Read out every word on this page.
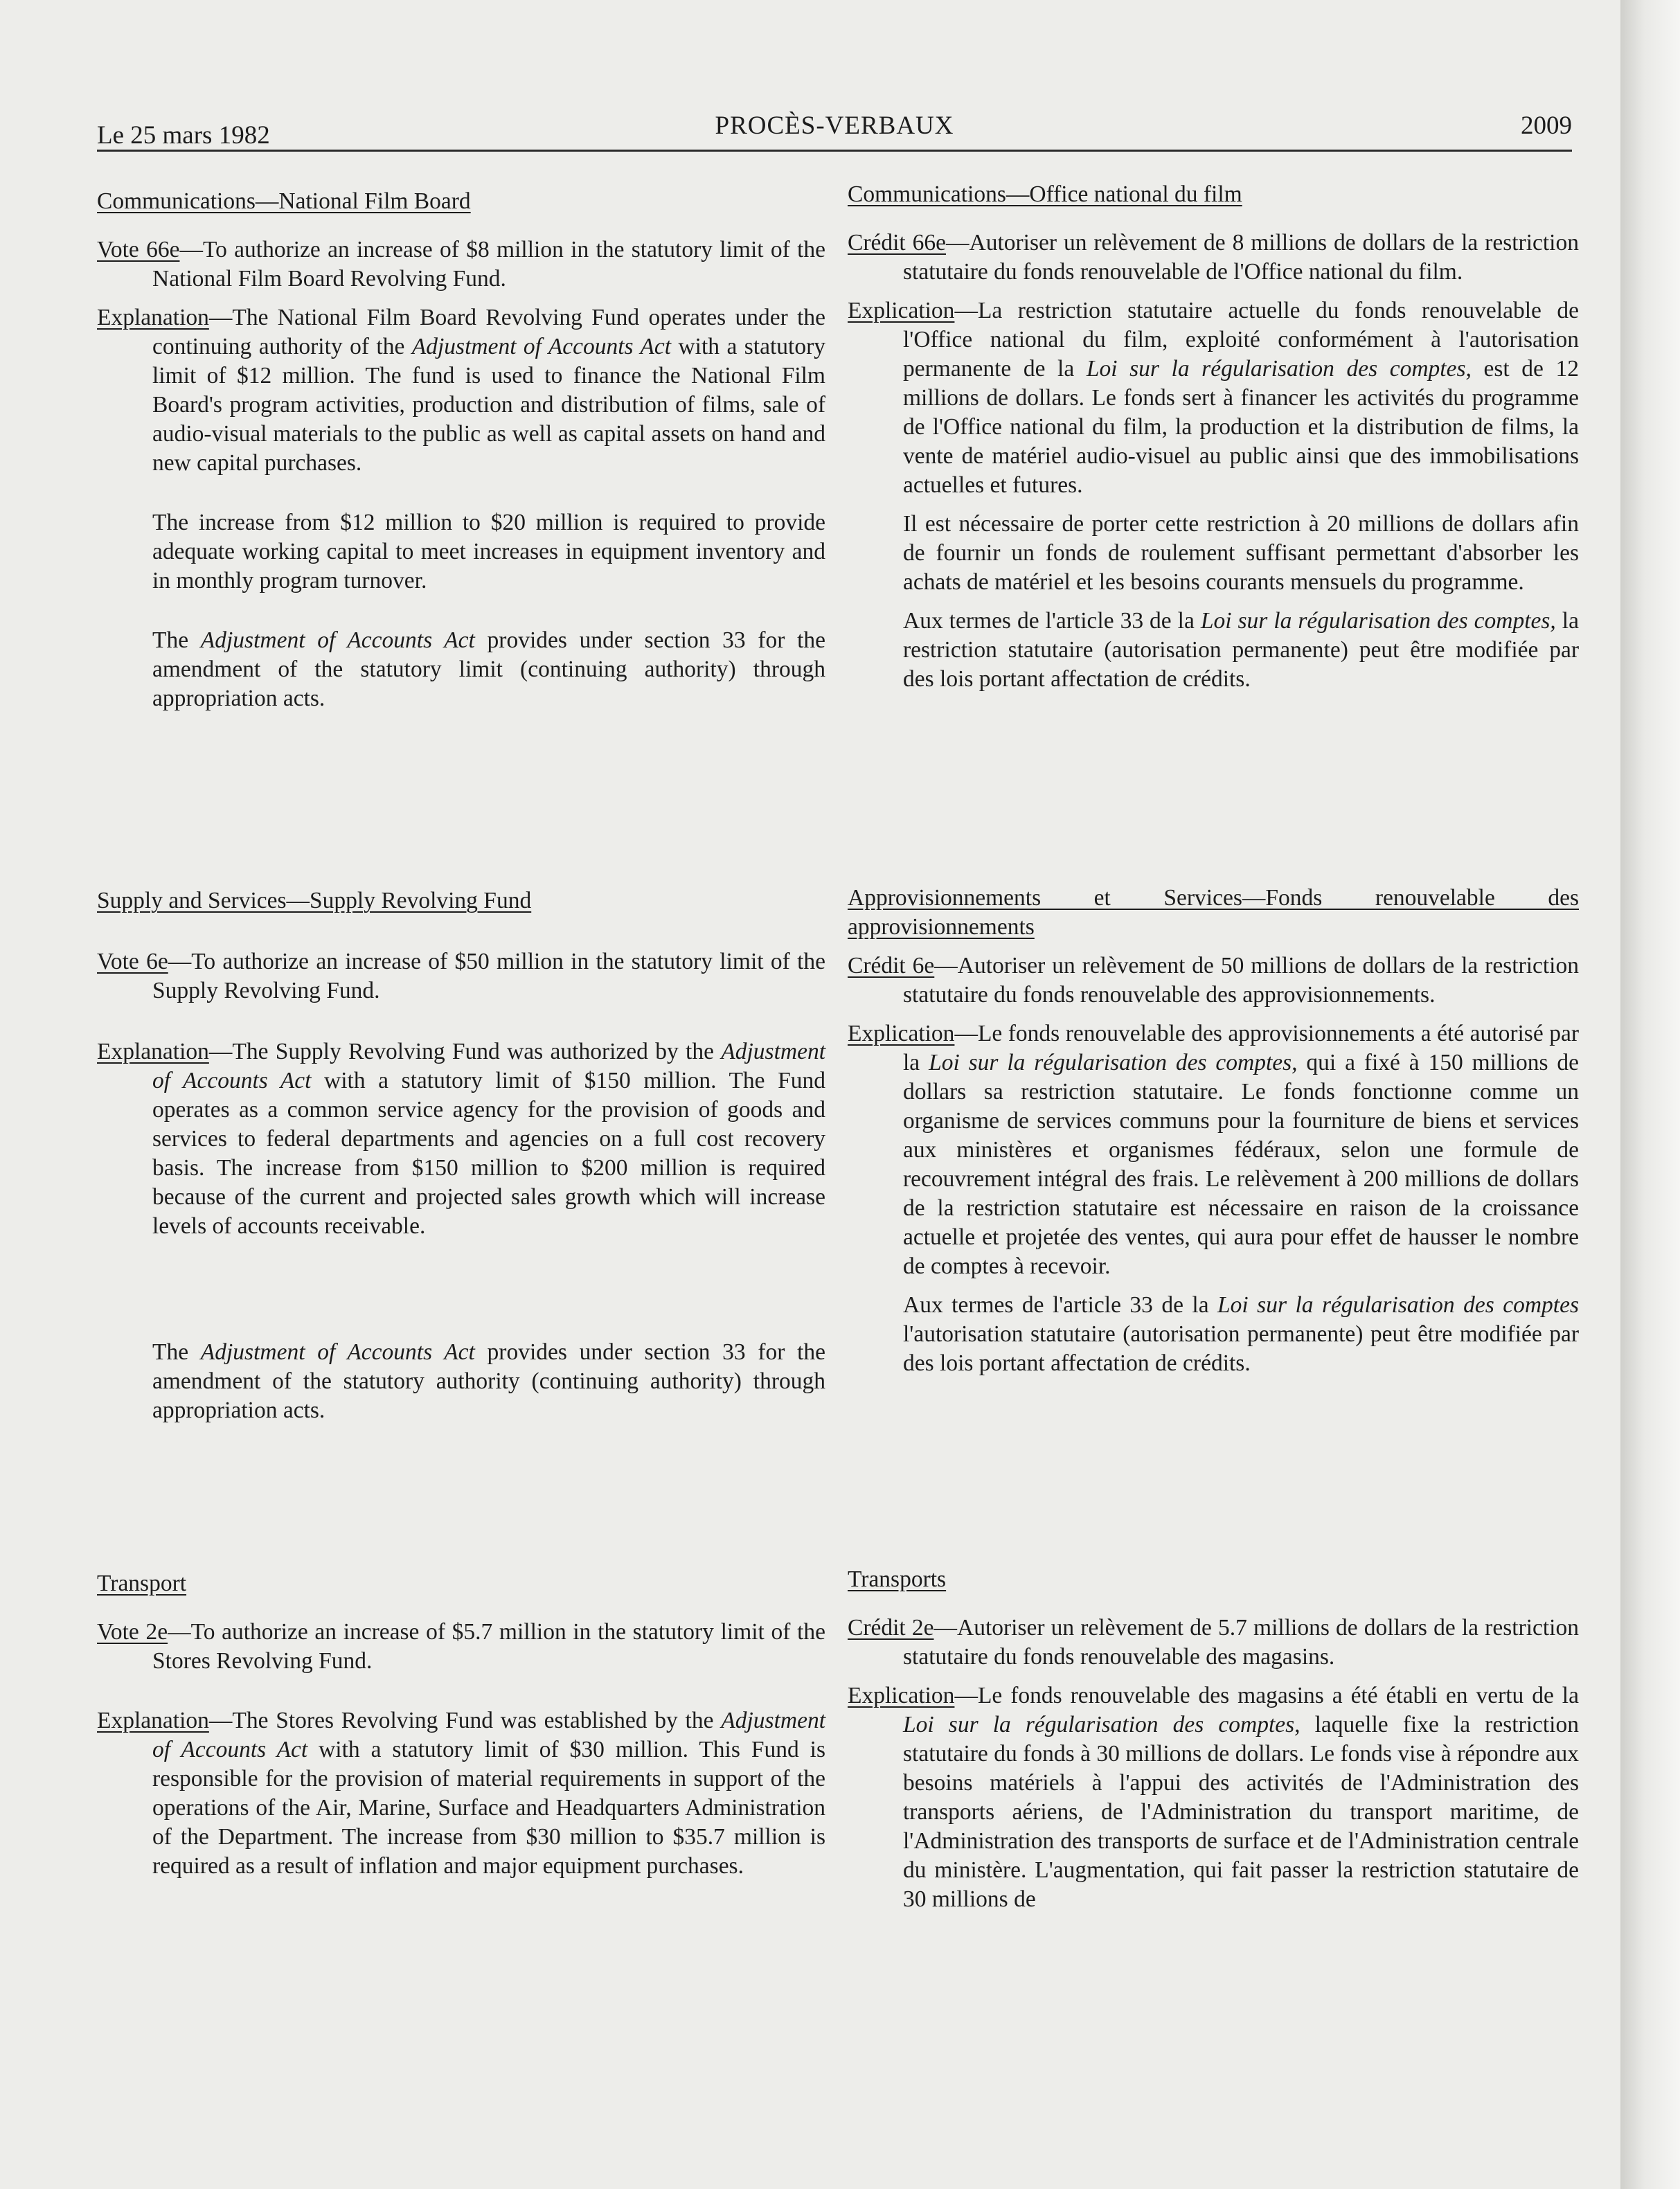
Le 25 mars 1982	PROCÈS-VERBAUX	2009

Communications—National Film Board

Vote 66e—To authorize an increase of $8 million in the statutory limit of the National Film Board Revolving Fund.

Explanation—The National Film Board Revolving Fund operates under the continuing authority of the Adjustment of Accounts Act with a statutory limit of $12 million. The fund is used to finance the National Film Board's program activities, production and distribution of films, sale of audio-visual materials to the public as well as capital assets on hand and new capital purchases.

The increase from $12 million to $20 million is required to provide adequate working capital to meet increases in equipment inventory and in monthly program turnover.

The Adjustment of Accounts Act provides under section 33 for the amendment of the statutory limit (continuing authority) through appropriation acts.

Supply and Services—Supply Revolving Fund

Vote 6e—To authorize an increase of $50 million in the statutory limit of the Supply Revolving Fund.

Explanation—The Supply Revolving Fund was authorized by the Adjustment of Accounts Act with a statutory limit of $150 million. The Fund operates as a common service agency for the provision of goods and services to federal departments and agencies on a full cost recovery basis. The increase from $150 million to $200 million is required because of the current and projected sales growth which will increase levels of accounts receivable.

The Adjustment of Accounts Act provides under section 33 for the amendment of the statutory authority (continuing authority) through appropriation acts.

Transport

Vote 2e—To authorize an increase of $5.7 million in the statutory limit of the Stores Revolving Fund.

Explanation—The Stores Revolving Fund was established by the Adjustment of Accounts Act with a statutory limit of $30 million. This Fund is responsible for the provision of material requirements in support of the operations of the Air, Marine, Surface and Headquarters Administration of the Department. The increase from $30 million to $35.7 million is required as a result of inflation and major equipment purchases.

Communications—Office national du film

Crédit 66e—Autoriser un relèvement de 8 millions de dollars de la restriction statutaire du fonds renouvelable de l'Office national du film.

Explication—La restriction statutaire actuelle du fonds renouvelable de l'Office national du film, exploité conformément à l'autorisation permanente de la Loi sur la régularisation des comptes, est de 12 millions de dollars. Le fonds sert à financer les activités du programme de l'Office national du film, la production et la distribution de films, la vente de matériel audio-visuel au public ainsi que des immobilisations actuelles et futures.

Il est nécessaire de porter cette restriction à 20 millions de dollars afin de fournir un fonds de roulement suffisant permettant d'absorber les achats de matériel et les besoins courants mensuels du programme.

Aux termes de l'article 33 de la Loi sur la régularisation des comptes, la restriction statutaire (autorisation permanente) peut être modifiée par des lois portant affectation de crédits.

Approvisionnements et Services—Fonds renouvelable des approvisionnements

Crédit 6e—Autoriser un relèvement de 50 millions de dollars de la restriction statutaire du fonds renouvelable des approvisionnements.

Explication—Le fonds renouvelable des approvisionnements a été autorisé par la Loi sur la régularisation des comptes, qui a fixé à 150 millions de dollars sa restriction statutaire. Le fonds fonctionne comme un organisme de services communs pour la fourniture de biens et services aux ministères et organismes fédéraux, selon une formule de recouvrement intégral des frais. Le relèvement à 200 millions de dollars de la restriction statutaire est nécessaire en raison de la croissance actuelle et projetée des ventes, qui aura pour effet de hausser le nombre de comptes à recevoir.

Aux termes de l'article 33 de la Loi sur la régularisation des comptes l'autorisation statutaire (autorisation permanente) peut être modifiée par des lois portant affectation de crédits.

Transports

Crédit 2e—Autoriser un relèvement de 5.7 millions de dollars de la restriction statutaire du fonds renouvelable des magasins.

Explication—Le fonds renouvelable des magasins a été établi en vertu de la Loi sur la régularisation des comptes, laquelle fixe la restriction statutaire du fonds à 30 millions de dollars. Le fonds vise à répondre aux besoins matériels à l'appui des activités de l'Administration des transports aériens, de l'Administration du transport maritime, de l'Administration des transports de surface et de l'Administration centrale du ministère. L'augmentation, qui fait passer la restriction statutaire de 30 millions de
